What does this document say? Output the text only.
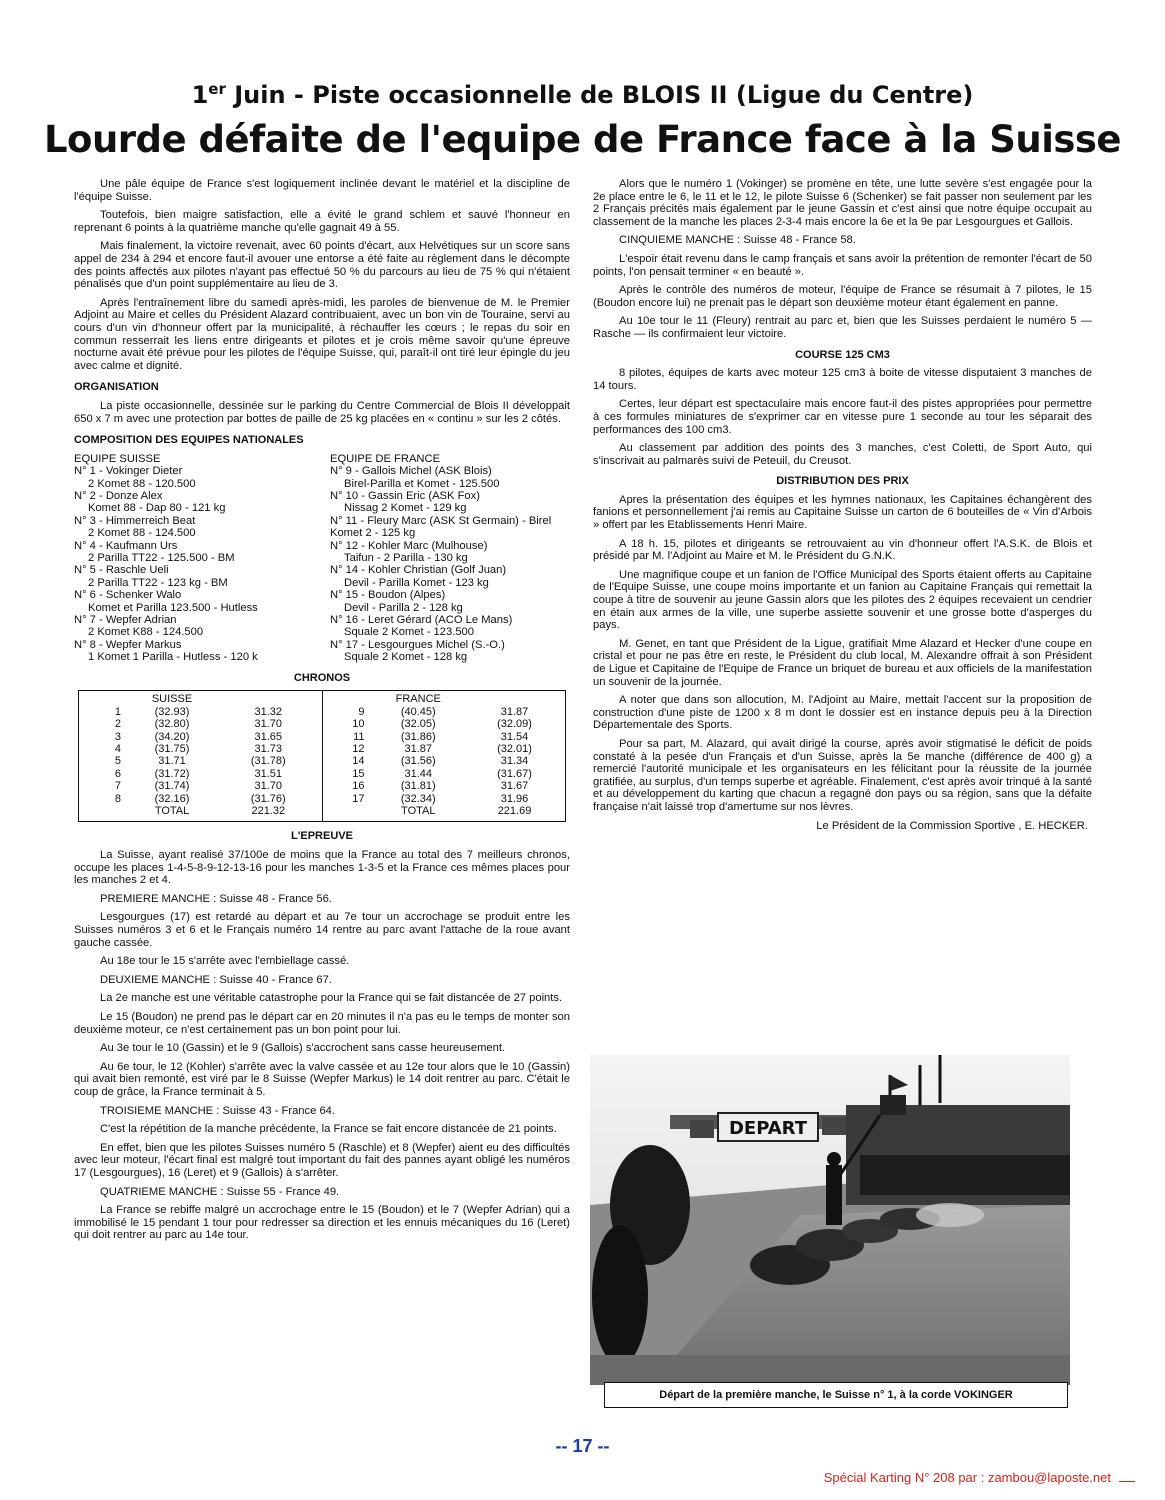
1er Juin - Piste occasionnelle de BLOIS II (Ligue du Centre)
Lourde défaite de l'equipe de France face à la Suisse

Une pâle équipe de France s'est logiquement inclinée devant le matériel et la discipline de l'équipe Suisse.

Toutefois, bien maigre satisfaction, elle a évité le grand schlem et sauvé l'honneur en reprenant 6 points à la quatrième manche qu'elle gagnait 49 à 55.

Mais finalement, la victoire revenait, avec 60 points d'écart, aux Helvétiques sur un score sans appel de 234 à 294 et encore faut-il avouer une entorse a été faite au règlement dans le décompte des points affectés aux pilotes n'ayant pas effectué 50 % du parcours au lieu de 75 % qui n'étaient pénalisés que d'un point supplémentaire au lieu de 3.

Après l'entraînement libre du samedi après-midi, les paroles de bienvenue de M. le Premier Adjoint au Maire et celles du Président Alazard contribuaient, avec un bon vin de Touraine, servi au cours d'un vin d'honneur offert par la municipalité, à réchauffer les cœurs ; le repas du soir en commun resserrait les liens entre dirigeants et pilotes et je crois même savoir qu'une épreuve nocturne avait été prévue pour les pilotes de l'équipe Suisse, qui, paraît-il ont tiré leur épingle du jeu avec calme et dignité.

ORGANISATION

La piste occasionnelle, dessinée sur le parking du Centre Commercial de Blois II développait 650 x 7 m avec une protection par bottes de paille de 25 kg placées en « continu » sur les 2 côtés.

COMPOSITION DES EQUIPES NATIONALES
EQUIPE SUISSE
N° 1 - Vokinger Dieter
2 Komet 88 - 120.500
N° 2 - Donze Alex
Komet 88 - Dap 80 - 121 kg
N° 3 - Himmerreich Beat
2 Komet 88 - 124.500
N° 4 - Kaufmann Urs
2 Parilla TT22 - 125.500 - BM
N° 5 - Raschle Ueli
2 Parilla TT22 - 123 kg - BM
N° 6 - Schenker Walo
Komet et Parilla 123.500 - Hutless
N° 7 - Wepfer Adrian
2 Komet K88 - 124.500
N° 8 - Wepfer Markus
1 Komet 1 Parilla - Hutless - 120 k
EQUIPE DE FRANCE
N° 9 - Gallois Michel (ASK Blois)
Birel-Parilla et Komet - 125.500
N° 10 - Gassin Eric (ASK Fox)
Nissag 2 Komet - 129 kg
N° 11 - Fleury Marc (ASK St Germain) - Birel Komet 2 - 125 kg
N° 12 - Kohler Marc (Mulhouse)
Taifun - 2 Parilla - 130 kg
N° 14 - Kohler Christian (Golf Juan)
Devil - Parilla Komet - 123 kg
N° 15 - Boudon (Alpes)
Devil - Parilla 2 - 128 kg
N° 16 - Leret Gérard (ACO Le Mans)
Squale 2 Komet - 123.500
N° 17 - Lesgourgues Michel (S.-O.)
Squale 2 Komet - 128 kg
CHRONOS
	SUISSE	
1	(32.93)	31.32
2	(32.80)	31.70
3	(34.20)	31.65
4	(31.75)	31.73
5	31.71	(31.78)
6	(31.72)	31.51
7	(31.74)	31.70
8	(32.16)	(31.76)
	TOTAL	221.32
	FRANCE	
9	(40.45)	31.87
10	(32.05)	(32.09)
11	(31.86)	31.54
12	31.87	(32.01)
14	(31.56)	31.34
15	31.44	(31.67)
16	(31.81)	31.67
17	(32.34)	31.96
	TOTAL	221.69
L'EPREUVE

La Suisse, ayant realisé 37/100e de moins que la France au total des 7 meilleurs chronos, occupe les places 1-4-5-8-9-12-13-16 pour les manches 1-3-5 et la France ces mêmes places pour les manches 2 et 4.

PREMIERE MANCHE : Suisse 48 - France 56.

Lesgourgues (17) est retardé au départ et au 7e tour un accrochage se produit entre les Suisses numéros 3 et 6 et le Français numéro 14 rentre au parc avant l'attache de la roue avant gauche cassée.

Au 18e tour le 15 s'arrête avec l'embiellage cassé.

DEUXIEME MANCHE : Suisse 40 - France 67.

La 2e manche est une véritable catastrophe pour la France qui se fait distancée de 27 points.

Le 15 (Boudon) ne prend pas le départ car en 20 minutes il n'a pas eu le temps de monter son deuxième moteur, ce n'est certainement pas un bon point pour lui.

Au 3e tour le 10 (Gassin) et le 9 (Gallois) s'accrochent sans casse heureusement.

Au 6e tour, le 12 (Kohler) s'arrête avec la valve cassée et au 12e tour alors que le 10 (Gassin) qui avait bien remonté, est viré par le 8 Suisse (Wepfer Markus) le 14 doit rentrer au parc. C'était le coup de grâce, la France terminait à 5.

TROISIEME MANCHE : Suisse 43 - France 64.

C'est la répétition de la manche précédente, la France se fait encore distancée de 21 points.

En effet, bien que les pilotes Suisses numéro 5 (Raschle) et 8 (Wepfer) aient eu des difficultés avec leur moteur, l'écart final est malgré tout important du fait des pannes ayant obligé les numéros 17 (Lesgourgues), 16 (Leret) et 9 (Gallois) à s'arrêter.

QUATRIEME MANCHE : Suisse 55 - France 49.

La France se rebiffe malgré un accrochage entre le 15 (Boudon) et le 7 (Wepfer Adrian) qui a immobilisé le 15 pendant 1 tour pour redresser sa direction et les ennuis mécaniques du 16 (Leret) qui doit rentrer au parc au 14e tour.

Alors que le numéro 1 (Vokinger) se promène en tête, une lutte sevère s'est engagée pour la 2e place entre le 6, le 11 et le 12, le pilote Suisse 6 (Schenker) se fait passer non seulement par les 2 Français précités mais également par le jeune Gassin et c'est ainsi que notre équipe occupait au classement de la manche les places 2-3-4 mais encore la 6e et la 9e par Lesgourgues et Gallois.

CINQUIEME MANCHE : Suisse 48 - France 58.

L'espoir était revenu dans le camp français et sans avoir la prétention de remonter l'écart de 50 points, l'on pensait terminer « en beauté ».

Après le contrôle des numéros de moteur, l'équipe de France se résumait à 7 pilotes, le 15 (Boudon encore lui) ne prenait pas le départ son deuxième moteur étant également en panne.

Au 10e tour le 11 (Fleury) rentrait au parc et, bien que les Suisses perdaient le numéro 5 — Rasche — ils confirmaient leur victoire.

COURSE 125 CM3

8 pilotes, équipes de karts avec moteur 125 cm3 à boite de vitesse disputaient 3 manches de 14 tours.

Certes, leur départ est spectaculaire mais encore faut-il des pistes appropriées pour permettre à ces formules miniatures de s'exprimer car en vitesse pure 1 seconde au tour les séparait des performances des 100 cm3.

Au classement par addition des points des 3 manches, c'est Coletti, de Sport Auto, qui s'inscrivait au palmarès suivi de Peteuil, du Creusot.

DISTRIBUTION DES PRIX

Apres la présentation des équipes et les hymnes nationaux, les Capitaines échangèrent des fanions et personnellement j'ai remis au Capitaine Suisse un carton de 6 bouteilles de « Vin d'Arbois » offert par les Etablissements Henri Maire.

A 18 h. 15, pilotes et dirigeants se retrouvaient au vin d'honneur offert l'A.S.K. de Blois et présidé par M. l'Adjoint au Maire et M. le Président du G.N.K.

Une magnifique coupe et un fanion de l'Office Municipal des Sports étaient offerts au Capitaine de l'Equipe Suisse, une coupe moins importante et un fanion au Capitaine Français qui remettait la coupe à titre de souvenir au jeune Gassin alors que les pilotes des 2 équipes recevaient un cendrier en étain aux armes de la ville, une superbe assiette souvenir et une grosse botte d'asperges du pays.

M. Genet, en tant que Président de la Ligue, gratifiait Mme Alazard et Hecker d'une coupe en cristal et pour ne pas être en reste, le Président du club local, M. Alexandre offrait à son Président de Ligue et Capitaine de l'Equipe de France un briquet de bureau et aux officiels de la manifestation un souvenir de la journée.

A noter que dans son allocution, M. l'Adjoint au Maire, mettait l'accent sur la proposition de construction d'une piste de 1200 x 8 m dont le dossier est en instance depuis peu à la Direction Départementale des Sports.

Pour sa part, M. Alazard, qui avait dirigé la course, après avoir stigmatisé le déficit de poids constaté à la pesée d'un Français et d'un Suisse, après la 5e manche (différence de 400 g) a remercié l'autorité municipale et les organisateurs en les félicitant pour la réussite de la journée gratifiée, au surplus, d'un temps superbe et agréable. Finalement, c'est après avoir trinqué à la santé et au développement du karting que chacun a regagné don pays ou sa région, sans que la défaite française n'ait laissé trop d'amertume sur nos lèvres.

Le Président de la Commission Sportive , E. HECKER.
DEPART
Départ de la première manche, le Suisse n° 1, à la corde VOKINGER
-- 17 --
Spécial Karting N° 208 par : zambou@laposte.net
